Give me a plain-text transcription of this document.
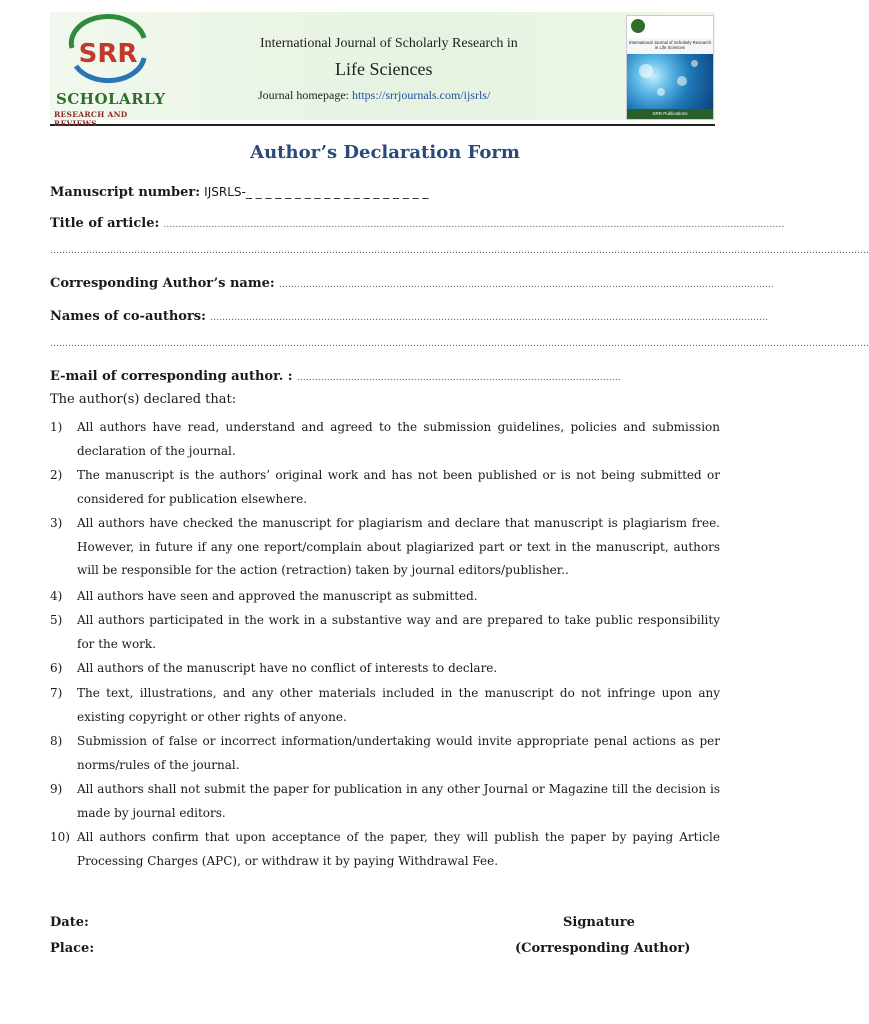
SRR
SCHOLARLY
RESEARCH AND REVIEWS
International Journal of Scholarly Research in
Life Sciences
Journal homepage: https://srrjournals.com/ijsrls/
International Journal of Scholarly Research in Life Sciences
SRR Publications
Author’s Declaration Form
Manuscript number: IJSRLS-_ _ _ _ _ _ _ _ _ _ _ _ _ _ _ _ _ _ _
Title of article: ………………………………………………………………………………………………………………………………………………………………………………………
…………………………………………………………………………………………………………………………………………………………………………………………………………………………………………………
Corresponding Author’s name: …………………………………………………………………………………………………………………………………………………
Names of co-authors: ……………………………………………………………………………………………………………………………………………………………………
…………………………………………………………………………………………………………………………………………………………………………………………………………………………………………………
E-mail of corresponding author. : ………………………………………………………………………………………………
The author(s) declared that:
1) All authors have read, understand and agreed to the submission guidelines, policies and submission declaration of the journal.
2) The manuscript is the authors’ original work and has not been published or is not being submitted or considered for publication elsewhere.
3) All authors have checked the manuscript for plagiarism and declare that manuscript is plagiarism free. However, in future if any one report/complain about plagiarized part or text in the manuscript, authors will be responsible for the action (retraction) taken by journal editors/publisher..
4) All authors have seen and approved the manuscript as submitted.
5) All authors participated in the work in a substantive way and are prepared to take public responsibility for the work.
6) All authors of the manuscript have no conflict of interests to declare.
7) The text, illustrations, and any other materials included in the manuscript do not infringe upon any existing copyright or other rights of anyone.
8) Submission of false or incorrect information/undertaking would invite appropriate penal actions as per norms/rules of the journal.
9) All authors shall not submit the paper for publication in any other Journal or Magazine till the decision is made by journal editors.
10) All authors confirm that upon acceptance of the paper, they will publish the paper by paying Article Processing Charges (APC), or withdraw it by paying Withdrawal Fee.
Date:
Place:
Signature
(Corresponding Author)
